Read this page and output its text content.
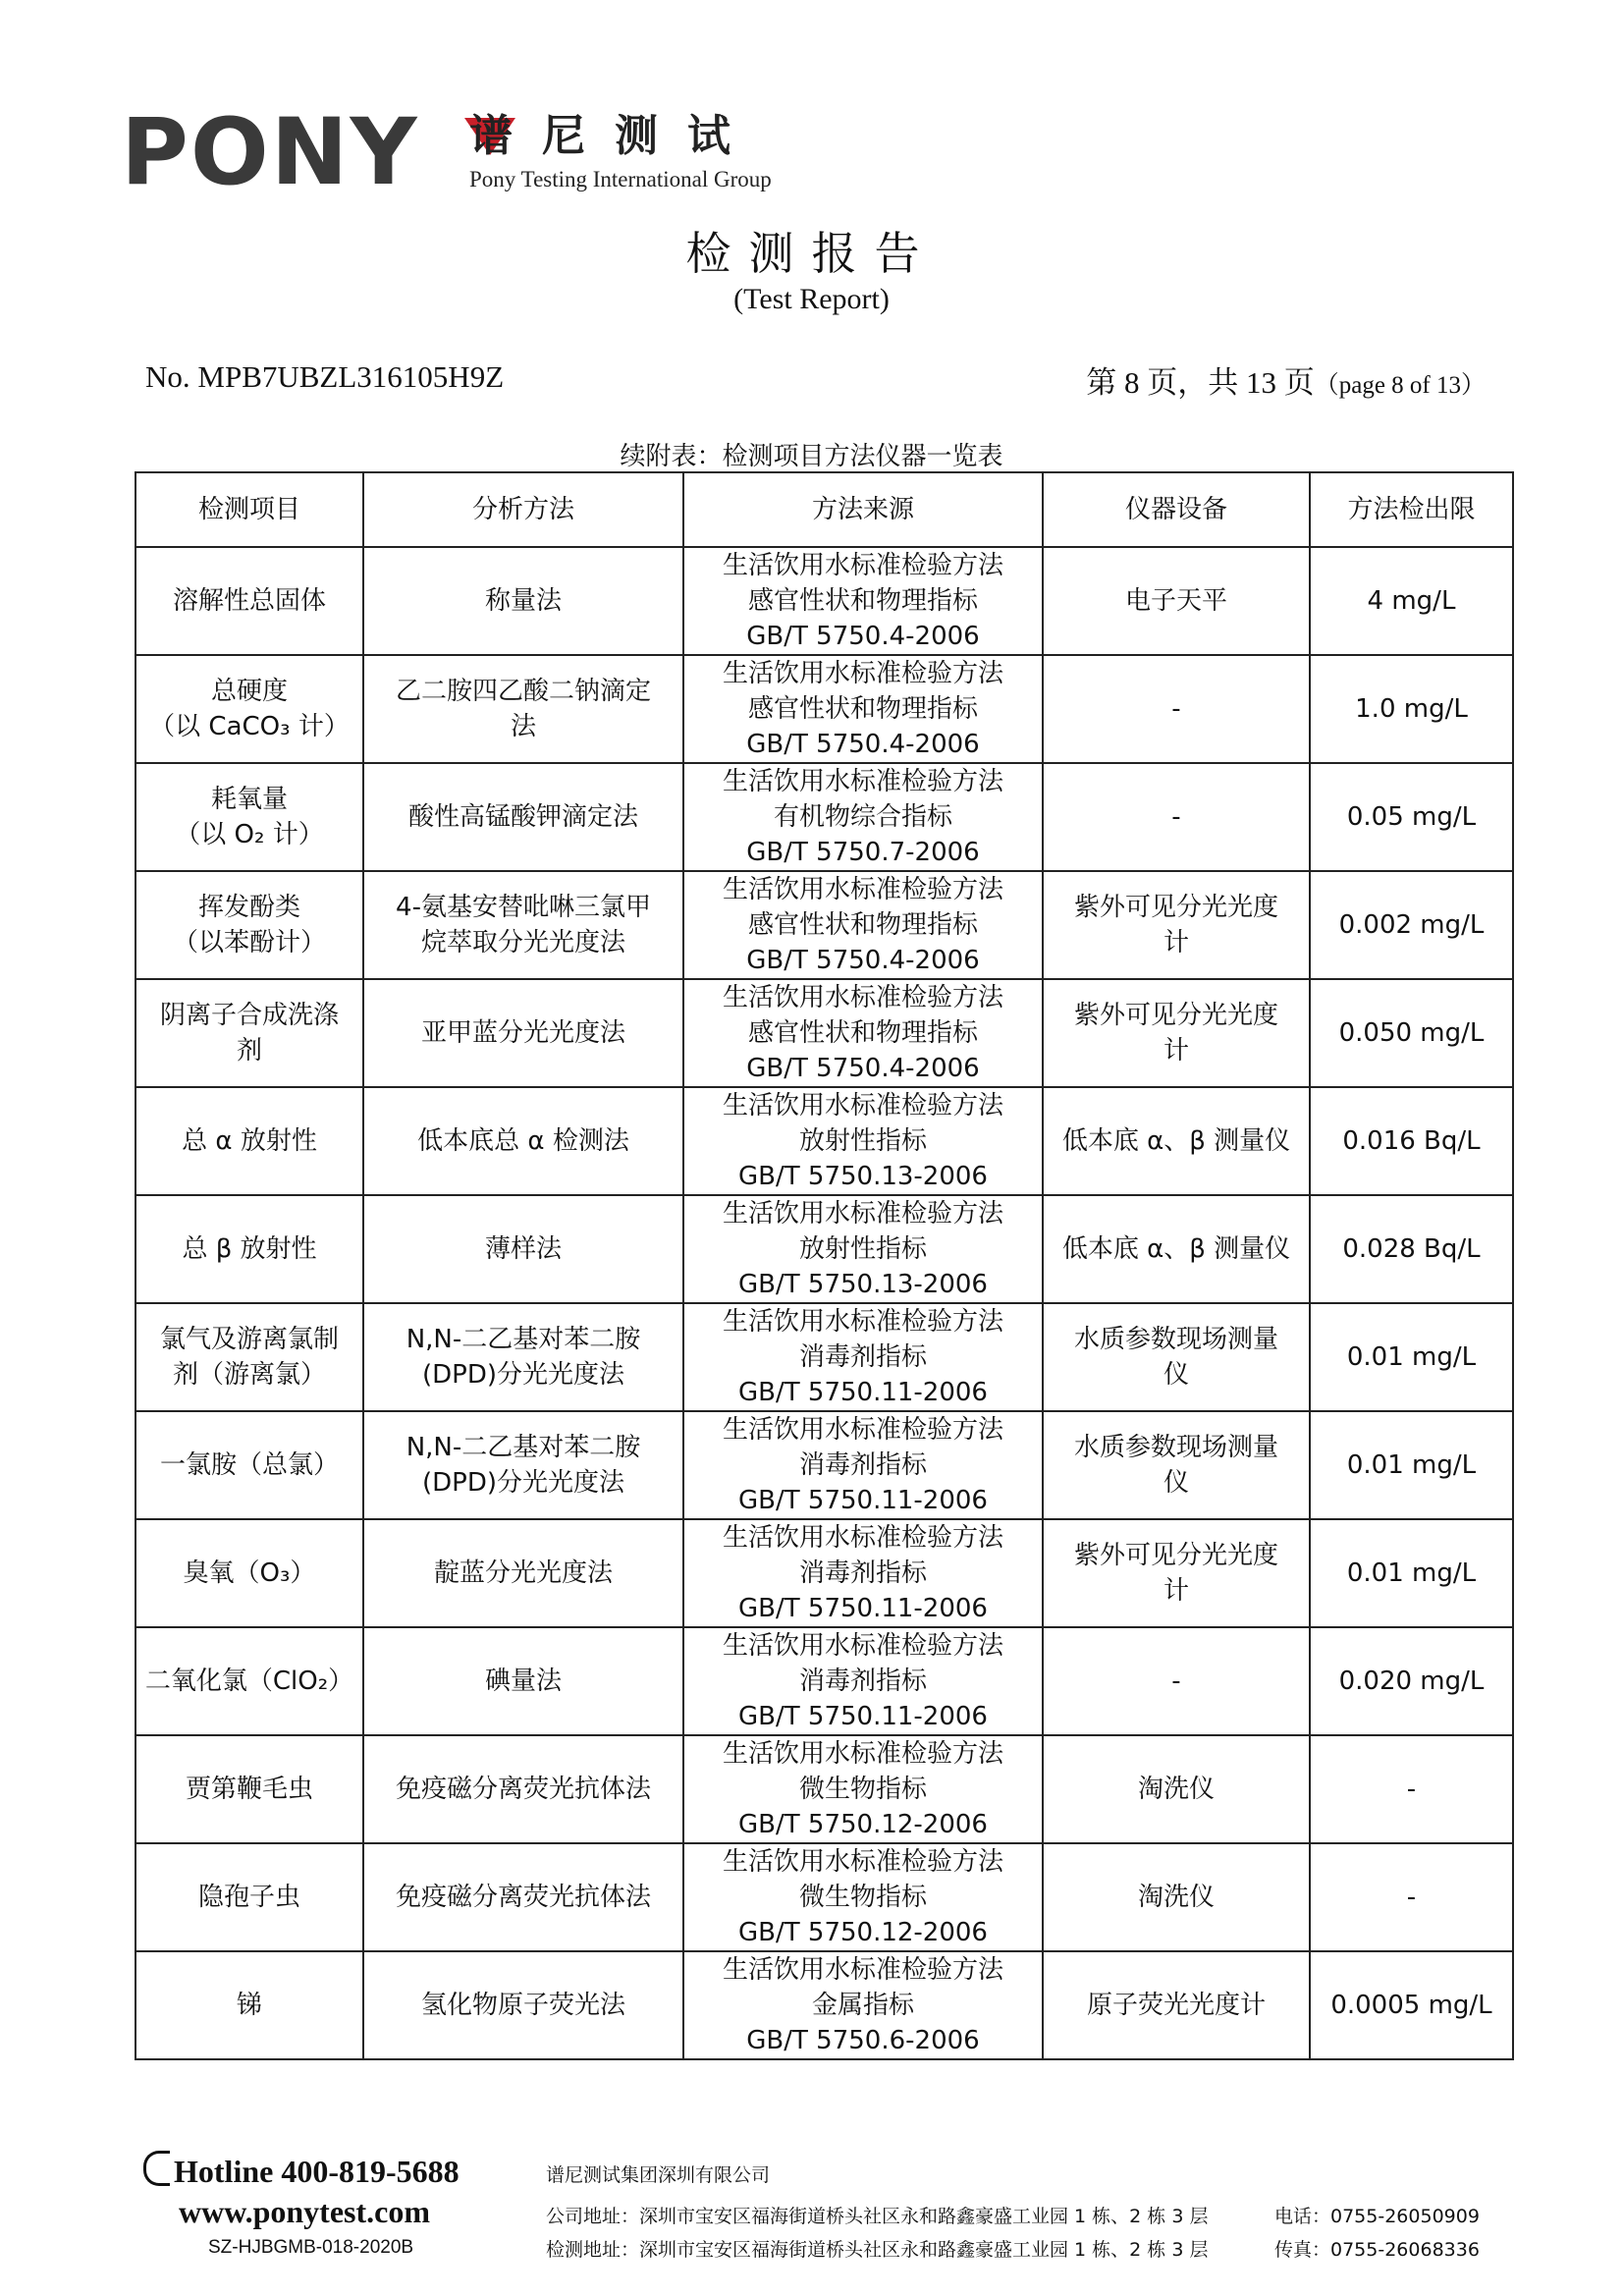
PONY 谱尼测试
Pony Testing International Group
检测报告
(Test Report)
No. MPB7UBZL316105H9Z	第 8 页，共 13 页（page 8 of 13）
续附表：检测项目方法仪器一览表
检测项目	分析方法	方法来源	仪器设备	方法检出限

溶解性总固体	称量法	生活饮用水标准检验方法
感官性状和物理指标
GB/T 5750.4-2006	电子天平	4 mg/L

总硬度
（以 CaCO₃ 计）	乙二胺四乙酸二钠滴定
法	生活饮用水标准检验方法
感官性状和物理指标
GB/T 5750.4-2006	-	1.0 mg/L

耗氧量
（以 O₂ 计）	酸性高锰酸钾滴定法	生活饮用水标准检验方法
有机物综合指标
GB/T 5750.7-2006	-	0.05 mg/L

挥发酚类
（以苯酚计）	4-氨基安替吡啉三氯甲
烷萃取分光光度法	生活饮用水标准检验方法
感官性状和物理指标
GB/T 5750.4-2006	紫外可见分光光度
计	0.002 mg/L

阴离子合成洗涤
剂	亚甲蓝分光光度法	生活饮用水标准检验方法
感官性状和物理指标
GB/T 5750.4-2006	紫外可见分光光度
计	0.050 mg/L

总 α 放射性	低本底总 α 检测法	生活饮用水标准检验方法
放射性指标
GB/T 5750.13-2006	低本底 α、β 测量仪	0.016 Bq/L

总 β 放射性	薄样法	生活饮用水标准检验方法
放射性指标
GB/T 5750.13-2006	低本底 α、β 测量仪	0.028 Bq/L

氯气及游离氯制
剂（游离氯）	N,N-二乙基对苯二胺
(DPD)分光光度法	生活饮用水标准检验方法
消毒剂指标
GB/T 5750.11-2006	水质参数现场测量
仪	0.01 mg/L

一氯胺（总氯）	N,N-二乙基对苯二胺
(DPD)分光光度法	生活饮用水标准检验方法
消毒剂指标
GB/T 5750.11-2006	水质参数现场测量
仪	0.01 mg/L

臭氧（O₃）	靛蓝分光光度法	生活饮用水标准检验方法
消毒剂指标
GB/T 5750.11-2006	紫外可见分光光度
计	0.01 mg/L

二氧化氯（ClO₂）	碘量法	生活饮用水标准检验方法
消毒剂指标
GB/T 5750.11-2006	-	0.020 mg/L

贾第鞭毛虫	免疫磁分离荧光抗体法	生活饮用水标准检验方法
微生物指标
GB/T 5750.12-2006	淘洗仪	-

隐孢子虫	免疫磁分离荧光抗体法	生活饮用水标准检验方法
微生物指标
GB/T 5750.12-2006	淘洗仪	-

锑	氢化物原子荧光法	生活饮用水标准检验方法
金属指标
GB/T 5750.6-2006	原子荧光光度计	0.0005 mg/L
Hotline 400-819-5688
www.ponytest.com
SZ-HJBGMB-018-2020B
谱尼测试集团深圳有限公司
公司地址：深圳市宝安区福海街道桥头社区永和路鑫豪盛工业园 1 栋、2 栋 3 层
检测地址：深圳市宝安区福海街道桥头社区永和路鑫豪盛工业园 1 栋、2 栋 3 层
电话：0755-26050909
传真：0755-26068336
